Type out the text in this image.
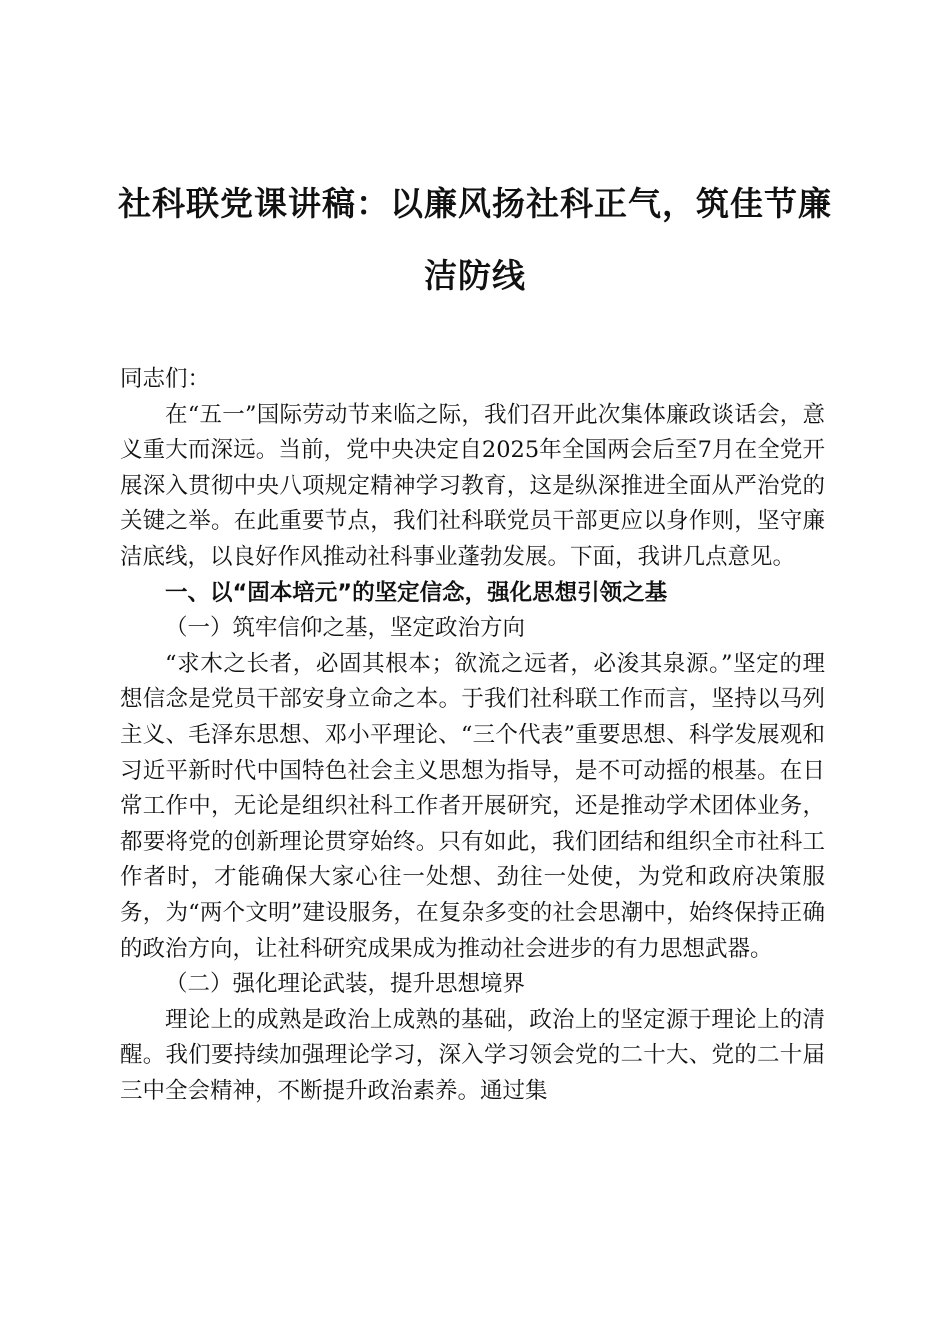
社科联党课讲稿：以廉风扬社科正气，筑佳节廉洁防线

同志们：

在“五一”国际劳动节来临之际，我们召开此次集体廉政谈话会，意义重大而深远。当前，党中央决定自2025年全国两会后至7月在全党开展深入贯彻中央八项规定精神学习教育，这是纵深推进全面从严治党的关键之举。在此重要节点，我们社科联党员干部更应以身作则，坚守廉洁底线，以良好作风推动社科事业蓬勃发展。下面，我讲几点意见。

一、以“固本培元”的坚定信念，强化思想引领之基

（一）筑牢信仰之基，坚定政治方向

“求木之长者，必固其根本；欲流之远者，必浚其泉源。”坚定的理想信念是党员干部安身立命之本。于我们社科联工作而言，坚持以马列主义、毛泽东思想、邓小平理论、“三个代表”重要思想、科学发展观和习近平新时代中国特色社会主义思想为指导，是不可动摇的根基。在日常工作中，无论是组织社科工作者开展研究，还是推动学术团体业务，都要将党的创新理论贯穿始终。只有如此，我们团结和组织全市社科工作者时，才能确保大家心往一处想、劲往一处使，为党和政府决策服务，为“两个文明”建设服务，在复杂多变的社会思潮中，始终保持正确的政治方向，让社科研究成果成为推动社会进步的有力思想武器。

（二）强化理论武装，提升思想境界

理论上的成熟是政治上成熟的基础，政治上的坚定源于理论上的清醒。我们要持续加强理论学习，深入学习领会党的二十大、党的二十届三中全会精神，不断提升政治素养。通过集
